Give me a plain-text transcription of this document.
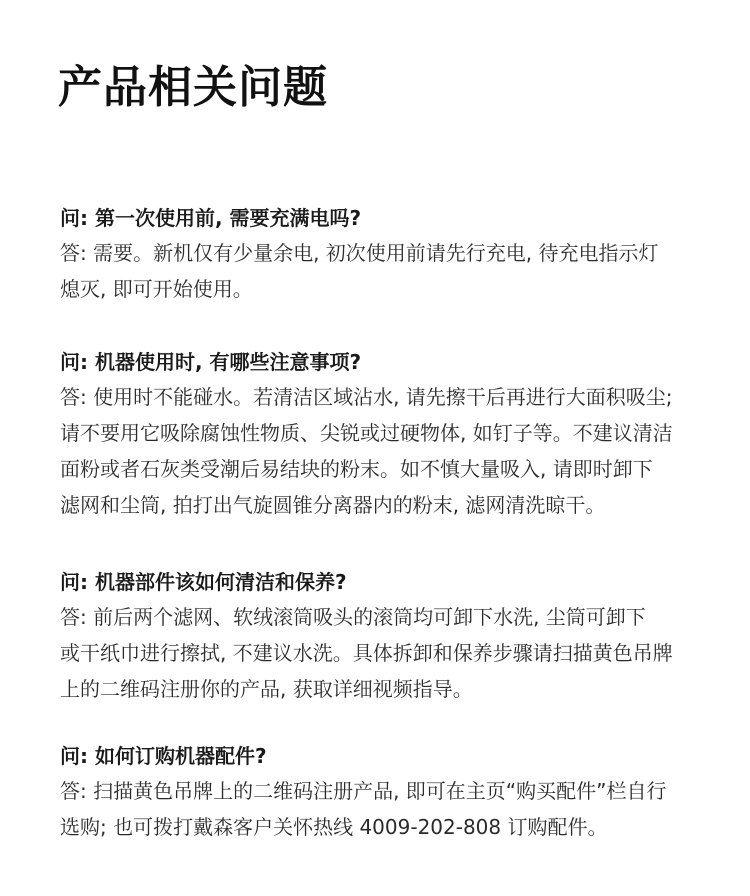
产品相关问题

问: 第一次使用前, 需要充满电吗?

答: 需要。新机仅有少量余电, 初次使用前请先行充电, 待充电指示灯
熄灭, 即可开始使用。

问: 机器使用时, 有哪些注意事项?

答: 使用时不能碰水。若清洁区域沾水, 请先擦干后再进行大面积吸尘;
请不要用它吸除腐蚀性物质、尖锐或过硬物体, 如钉子等。不建议清洁
面粉或者石灰类受潮后易结块的粉末。如不慎大量吸入, 请即时卸下
滤网和尘筒, 拍打出气旋圆锥分离器内的粉末, 滤网清洗晾干。

问: 机器部件该如何清洁和保养?

答: 前后两个滤网、软绒滚筒吸头的滚筒均可卸下水洗, 尘筒可卸下
或干纸巾进行擦拭, 不建议水洗。具体拆卸和保养步骤请扫描黄色吊牌
上的二维码注册你的产品, 获取详细视频指导。

问: 如何订购机器配件?

答: 扫描黄色吊牌上的二维码注册产品, 即可在主页“购买配件”栏自行
选购; 也可拨打戴森客户关怀热线 4009-202-808 订购配件。
